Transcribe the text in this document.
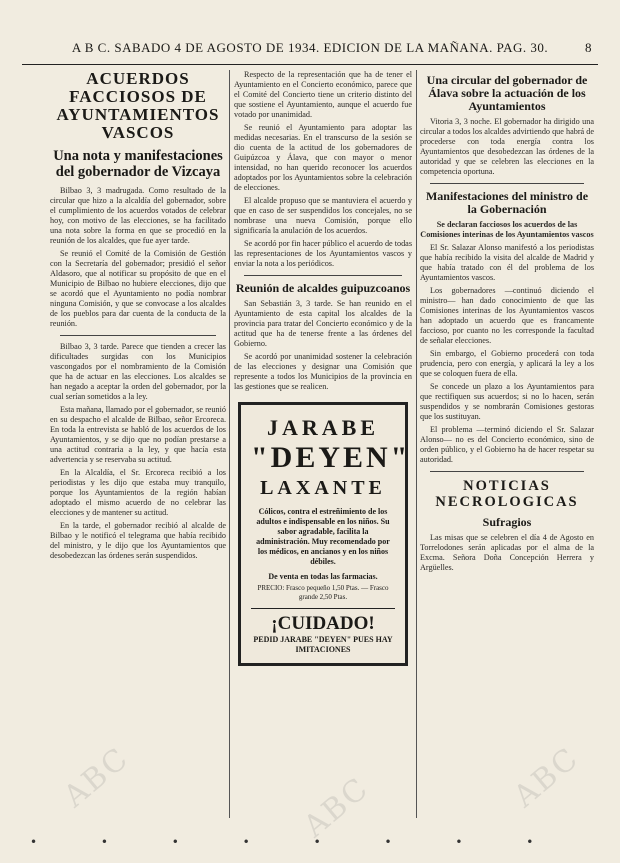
A B C. SABADO 4 DE AGOSTO DE 1934. EDICION DE LA MAÑANA. PAG. 30.	8
ACUERDOS FACCIOSOS DE AYUNTAMIENTOS VASCOS
Una nota y manifestaciones del gobernador de Vizcaya

Bilbao 3, 3 madrugada. Como resultado de la circular que hizo a la alcaldía del gobernador, sobre el cumplimiento de los acuerdos votados de celebrar hoy, con motivo de las elecciones, se ha facilitado una nota sobre la forma en que se procedió en la reunión de los alcaldes, que fue ayer tarde.

Se reunió el Comité de la Comisión de Gestión con la Secretaría del gobernador; presidió el señor Aldasoro, que al notificar su propósito de que en el Municipio de Bilbao no hubiere elecciones, dijo que se acordó que el Ayuntamiento no podía nombrar ninguna Comisión, y que se convocase a los alcaldes de los pueblos para dar cuenta de la conducta de la reunión.

Bilbao 3, 3 tarde. Parece que tienden a crecer las dificultades surgidas con los Municipios vascongados por el nombramiento de la Comisión que ha de actuar en las elecciones. Los alcaldes se han negado a aceptar la orden del gobernador, por la cual serían sometidos a la ley.

Esta mañana, llamado por el gobernador, se reunió en su despacho el alcalde de Bilbao, señor Ercoreca. En toda la entrevista se habló de los acuerdos de los Ayuntamientos, y se dijo que no podían prestarse a una actitud contraria a la ley, y que hacía esta advertencia y se reservaba su actitud.

En la Alcaldía, el Sr. Ercoreca recibió a los periodistas y les dijo que estaba muy tranquilo, porque los Ayuntamientos de la región habían adoptado el mismo acuerdo de no celebrar las elecciones y de mantener su actitud.

En la tarde, el gobernador recibió al alcalde de Bilbao y le notificó el telegrama que había recibido del ministro, y le dijo que los Ayuntamientos que desobedezcan las órdenes serán suspendidos.

Respecto de la representación que ha de tener el Ayuntamiento en el Concierto económico, parece que el Comité del Concierto tiene un criterio distinto del que sostiene el Ayuntamiento, aunque el acuerdo fue votado por unanimidad.

Se reunió el Ayuntamiento para adoptar las medidas necesarias. En el transcurso de la sesión se dio cuenta de la actitud de los gobernadores de Guipúzcoa y Álava, que con mayor o menor intensidad, no han querido reconocer los acuerdos adoptados por los Ayuntamientos sobre la celebración de elecciones.

El alcalde propuso que se mantuviera el acuerdo y que en caso de ser suspendidos los concejales, no se nombrase una nueva Comisión, porque ello significaría la anulación de los acuerdos.

Se acordó por fin hacer público el acuerdo de todas las representaciones de los Ayuntamientos vascos y enviar la nota a los periódicos.

Reunión de alcaldes guipuzcoanos

San Sebastián 3, 3 tarde. Se han reunido en el Ayuntamiento de esta capital los alcaldes de la provincia para tratar del Concierto económico y de la actitud que ha de tenerse frente a las órdenes del Gobierno.

Se acordó por unanimidad sostener la celebración de las elecciones y designar una Comisión que represente a todos los Municipios de la provincia en las gestiones que se realicen.

JARABE
"DEYEN"
LAXANTE
Cólicos, contra el estreñimiento de los adultos e indispensable en los niños. Su sabor agradable, facilita la administración. Muy recomendado por los médicos, en ancianos y en los niños débiles.
De venta en todas las farmacias.
PRECIO: Frasco pequeño 1,50 Ptas. — Frasco grande 2,50 Ptas.
¡CUIDADO!
PEDID JARABE "DEYEN" PUES HAY IMITACIONES
Una circular del gobernador de Álava sobre la actuación de los Ayuntamientos

Vitoria 3, 3 noche. El gobernador ha dirigido una circular a todos los alcaldes advirtiendo que habrá de procederse con toda energía contra los Ayuntamientos que desobedezcan las órdenes de la autoridad y que se celebren las elecciones en la competencia oportuna.

Manifestaciones del ministro de la Gobernación

Se declaran facciosos los acuerdos de las Comisiones interinas de los Ayuntamientos vascos

El Sr. Salazar Alonso manifestó a los periodistas que había recibido la visita del alcalde de Madrid y que había tratado con él del problema de los Ayuntamientos vascos.

Los gobernadores —continuó diciendo el ministro— han dado conocimiento de que las Comisiones interinas de los Ayuntamientos vascos han adoptado un acuerdo que es francamente faccioso, por cuanto no les corresponde la facultad de señalar elecciones.

Sin embargo, el Gobierno procederá con toda prudencia, pero con energía, y aplicará la ley a los que se coloquen fuera de ella.

Se concede un plazo a los Ayuntamientos para que rectifiquen sus acuerdos; si no lo hacen, serán suspendidos y se nombrarán Comisiones gestoras que los sustituyan.

El problema —terminó diciendo el Sr. Salazar Alonso— no es del Concierto económico, sino de orden público, y el Gobierno ha de hacer respetar su autoridad.

NOTICIAS NECROLOGICAS
Sufragios

Las misas que se celebren el día 4 de Agosto en Torrelodones serán aplicadas por el alma de la Excma. Señora Doña Concepción Herrera y Argüelles.

• • • • • • • •
ABC	ABC	ABC
